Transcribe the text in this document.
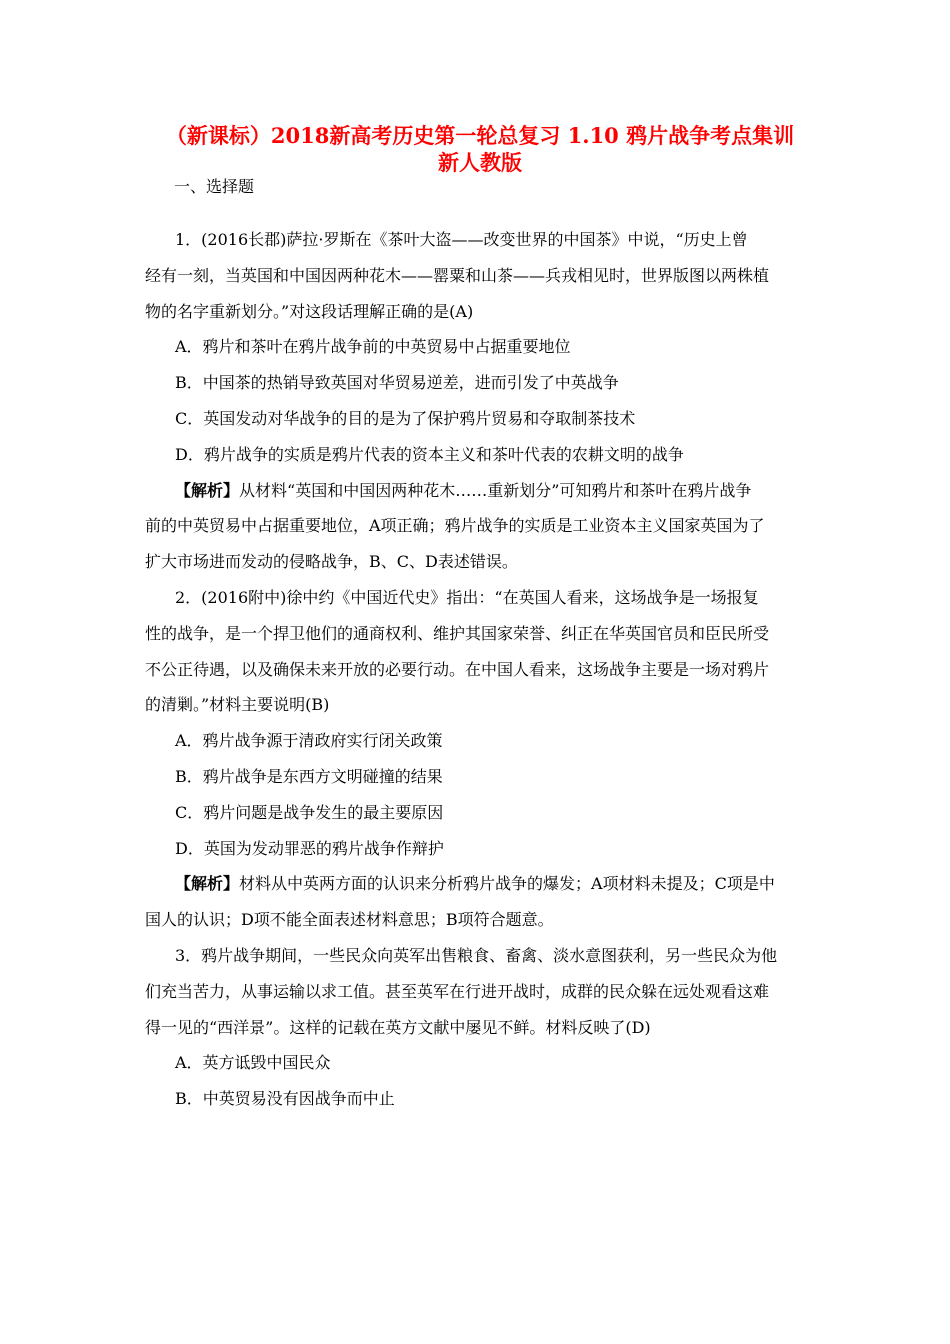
（新课标）2018新高考历史第一轮总复习 1.10 鸦片战争考点集训
新人教版
一、选择题
1．(2016长郡)萨拉·罗斯在《茶叶大盗——改变世界的中国茶》中说，“历史上曾
经有一刻，当英国和中国因两种花木——罂粟和山茶——兵戎相见时，世界版图以两株植
物的名字重新划分。”对这段话理解正确的是(A)
A．鸦片和茶叶在鸦片战争前的中英贸易中占据重要地位
B．中国茶的热销导致英国对华贸易逆差，进而引发了中英战争
C．英国发动对华战争的目的是为了保护鸦片贸易和夺取制茶技术
D．鸦片战争的实质是鸦片代表的资本主义和茶叶代表的农耕文明的战争
【解析】从材料“英国和中国因两种花木……重新划分”可知鸦片和茶叶在鸦片战争
前的中英贸易中占据重要地位，A项正确；鸦片战争的实质是工业资本主义国家英国为了
扩大市场进而发动的侵略战争，B、C、D表述错误。
2．(2016附中)徐中约《中国近代史》指出：“在英国人看来，这场战争是一场报复
性的战争，是一个捍卫他们的通商权利、维护其国家荣誉、纠正在华英国官员和臣民所受
不公正待遇，以及确保未来开放的必要行动。在中国人看来，这场战争主要是一场对鸦片
的清剿。”材料主要说明(B)
A．鸦片战争源于清政府实行闭关政策
B．鸦片战争是东西方文明碰撞的结果
C．鸦片问题是战争发生的最主要原因
D．英国为发动罪恶的鸦片战争作辩护
【解析】材料从中英两方面的认识来分析鸦片战争的爆发；A项材料未提及；C项是中
国人的认识；D项不能全面表述材料意思；B项符合题意。
3．鸦片战争期间，一些民众向英军出售粮食、畜禽、淡水意图获利，另一些民众为他
们充当苦力，从事运输以求工值。甚至英军在行进开战时，成群的民众躲在远处观看这难
得一见的“西洋景”。这样的记载在英方文献中屡见不鲜。材料反映了(D)
A．英方诋毁中国民众
B．中英贸易没有因战争而中止
